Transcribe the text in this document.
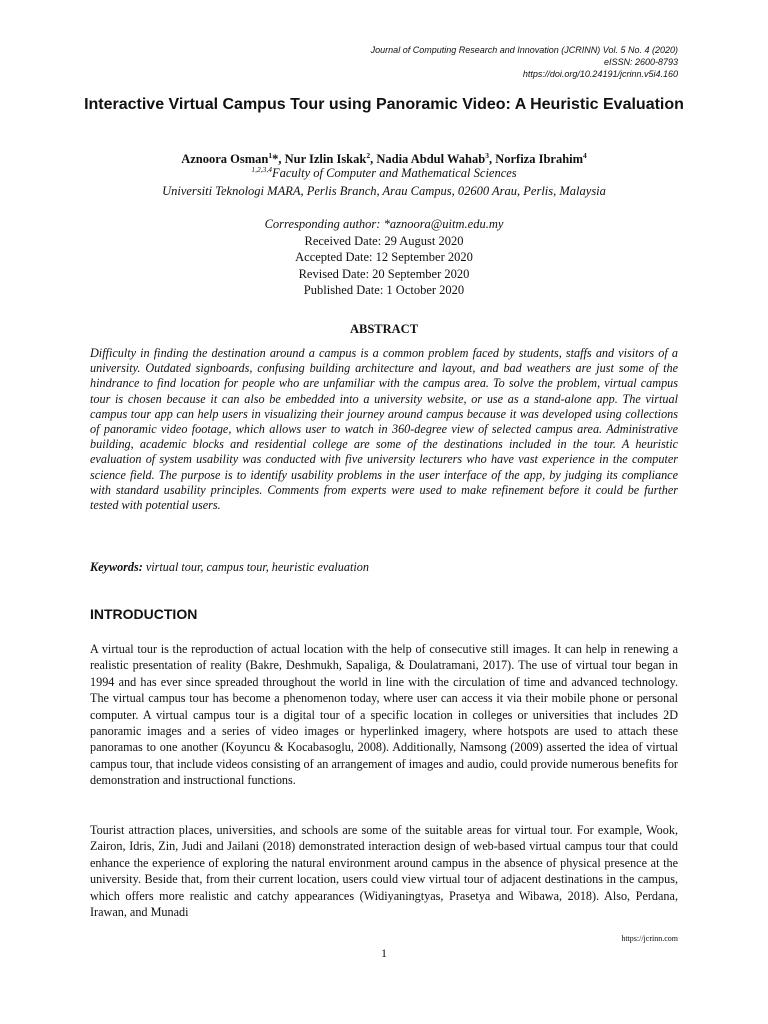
Journal of Computing Research and Innovation (JCRINN) Vol. 5 No. 4 (2020)
eISSN: 2600-8793
https://doi.org/10.24191/jcrinn.v5i4.160
Interactive Virtual Campus Tour using Panoramic Video: A Heuristic Evaluation
Aznoora Osman$^1$*, Nur Izlin Iskak$^2$, Nadia Abdul Wahab$^3$, Norfiza Ibrahim$^4$
$^{1,2,3,4}$Faculty of Computer and Mathematical Sciences
Universiti Teknologi MARA, Perlis Branch, Arau Campus, 02600 Arau, Perlis, Malaysia
Corresponding author: *aznoora@uitm.edu.my
Received Date: 29 August 2020
Accepted Date: 12 September 2020
Revised Date: 20 September 2020
Published Date: 1 October 2020
ABSTRACT

Difficulty in finding the destination around a campus is a common problem faced by students, staffs and visitors of a university. Outdated signboards, confusing building architecture and layout, and bad weathers are just some of the hindrance to find location for people who are unfamiliar with the campus area. To solve the problem, virtual campus tour is chosen because it can also be embedded into a university website, or use as a stand-alone app. The virtual campus tour app can help users in visualizing their journey around campus because it was developed using collections of panoramic video footage, which allows user to watch in 360-degree view of selected campus area. Administrative building, academic blocks and residential college are some of the destinations included in the tour. A heuristic evaluation of system usability was conducted with five university lecturers who have vast experience in the computer science field. The purpose is to identify usability problems in the user interface of the app, by judging its compliance with standard usability principles. Comments from experts were used to make refinement before it could be further tested with potential users.

Keywords: virtual tour, campus tour, heuristic evaluation
INTRODUCTION

A virtual tour is the reproduction of actual location with the help of consecutive still images. It can help in renewing a realistic presentation of reality (Bakre, Deshmukh, Sapaliga, & Doulatramani, 2017). The use of virtual tour began in 1994 and has ever since spreaded throughout the world in line with the circulation of time and advanced technology. The virtual campus tour has become a phenomenon today, where user can access it via their mobile phone or personal computer. A virtual campus tour is a digital tour of a specific location in colleges or universities that includes 2D panoramic images and a series of video images or hyperlinked imagery, where hotspots are used to attach these panoramas to one another (Koyuncu & Kocabasoglu, 2008). Additionally, Namsong (2009) asserted the idea of virtual campus tour, that include videos consisting of an arrangement of images and audio, could provide numerous benefits for demonstration and instructional functions.

Tourist attraction places, universities, and schools are some of the suitable areas for virtual tour. For example, Wook, Zairon, Idris, Zin, Judi and Jailani (2018) demonstrated interaction design of web-based virtual campus tour that could enhance the experience of exploring the natural environment around campus in the absence of physical presence at the university. Beside that, from their current location, users could view virtual tour of adjacent destinations in the campus, which offers more realistic and catchy appearances (Widiyaningtyas, Prasetya and Wibawa, 2018). Also, Perdana, Irawan, and Munadi

https://jcrinn.com
1
